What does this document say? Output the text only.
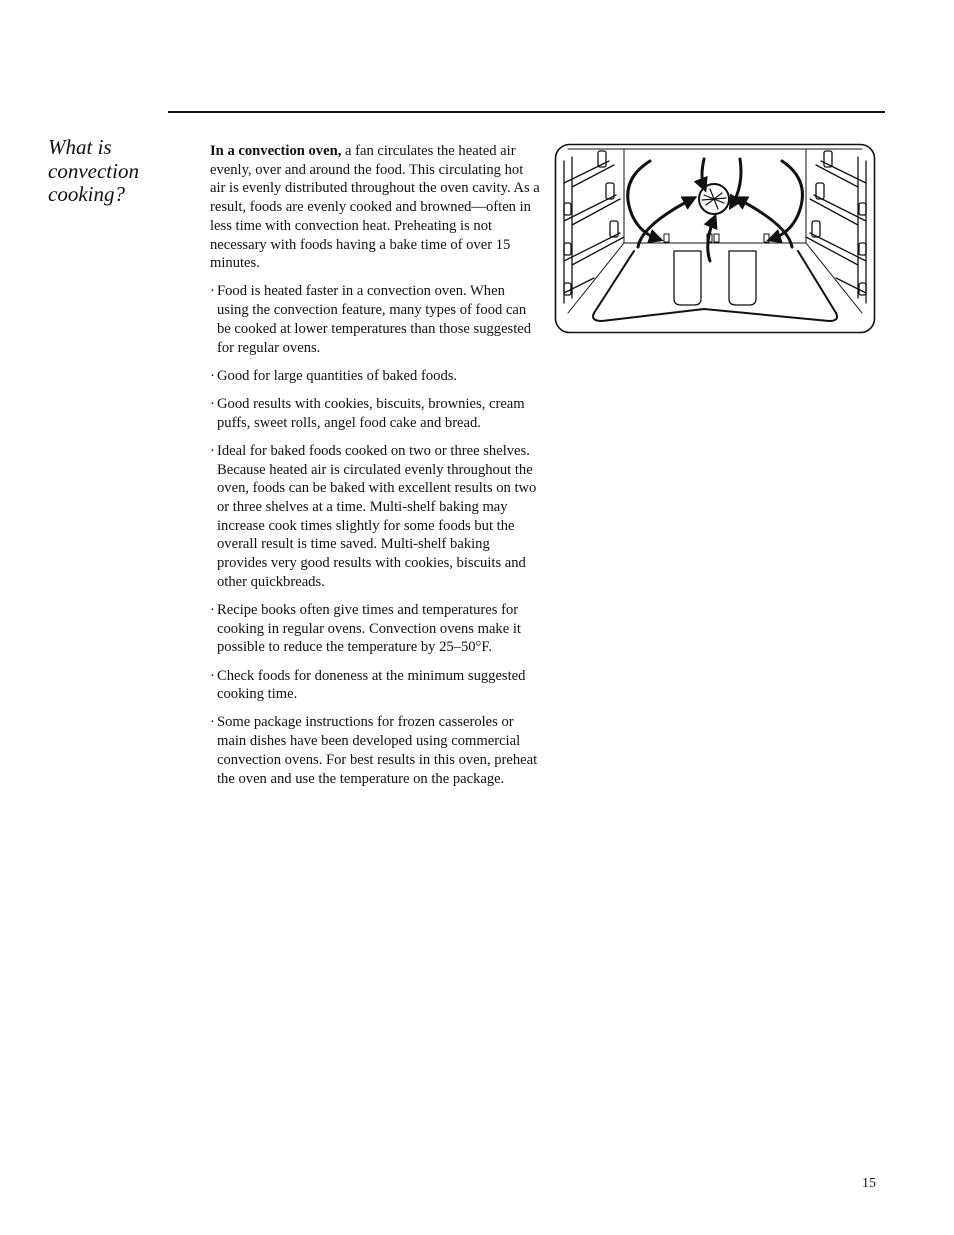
What is convection cooking?

In a convection oven, a fan circulates the heated air evenly, over and around the food. This circulating hot air is evenly distributed throughout the oven cavity. As a result, foods are evenly cooked and browned—often in less time with convection heat. Preheating is not necessary with foods having a bake time of over 15 minutes.

· Food is heated faster in a convection oven. When using the convection feature, many types of food can be cooked at lower temperatures than those suggested for regular ovens.
· Good for large quantities of baked foods.
· Good results with cookies, biscuits, brownies, cream puffs, sweet rolls, angel food cake and bread.
· Ideal for baked foods cooked on two or three shelves. Because heated air is circulated evenly throughout the oven, foods can be baked with excellent results on two or three shelves at a time. Multi-shelf baking may increase cook times slightly for some foods but the overall result is time saved. Multi-shelf baking provides very good results with cookies, biscuits and other quickbreads.
· Recipe books often give times and temperatures for cooking in regular ovens. Convection ovens make it possible to reduce the temperature by 25–50°F.
· Check foods for doneness at the minimum suggested cooking time.
· Some package instructions for frozen casseroles or main dishes have been developed using commercial convection ovens. For best results in this oven, preheat the oven and use the temperature on the package.
15
